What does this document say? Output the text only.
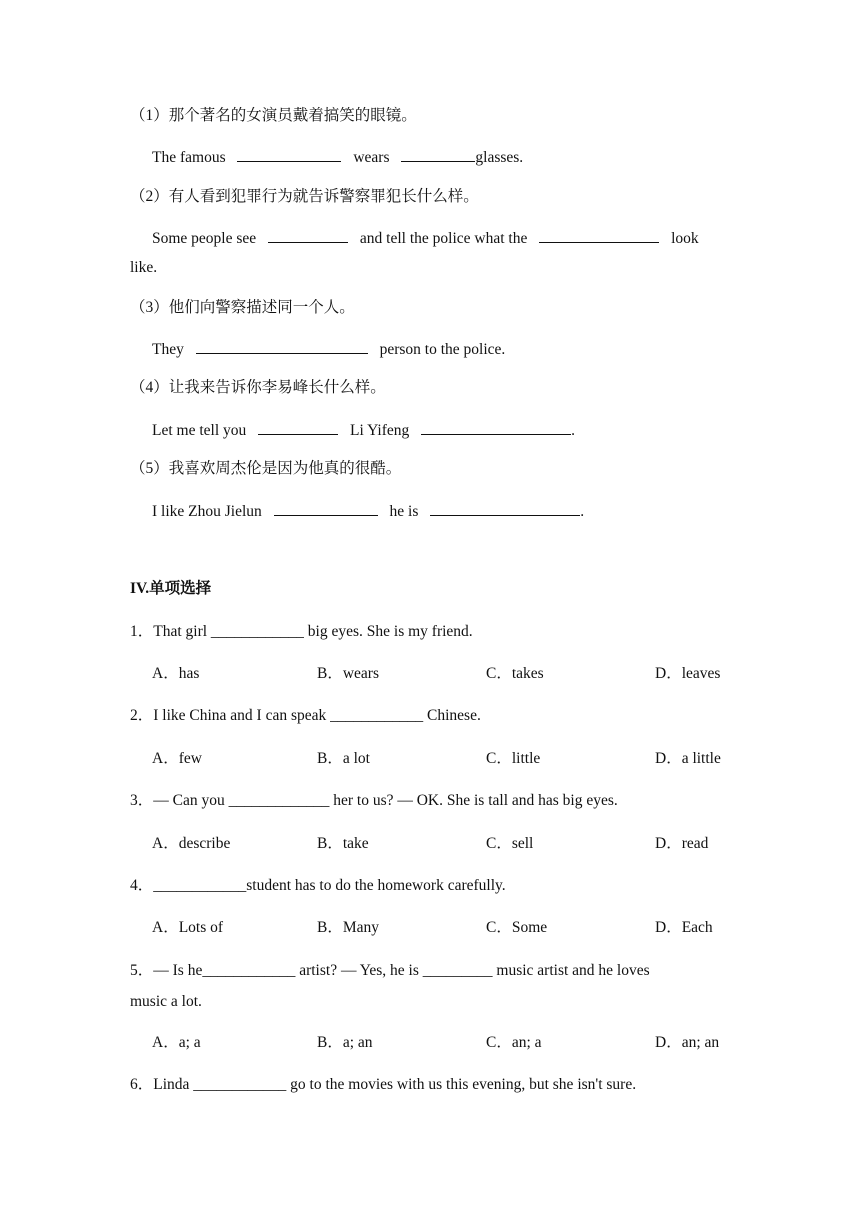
（1）那个著名的女演员戴着搞笑的眼镜。
The famous	wears	glasses.
（2）有人看到犯罪行为就告诉警察罪犯长什么样。
Some people see	and tell the police what the	look
like.
（3）他们向警察描述同一个人。
They	person to the police.
（4）让我来告诉你李易峰长什么样。
Let me tell you	Li Yifeng	.
（5）我喜欢周杰伦是因为他真的很酷。
I like Zhou Jielun	he is	.
IV.单项选择
1．That girl ____________ big eyes. She is my friend.
A．has	B．wears	C．takes	D．leaves
2．I like China and I can speak ____________ Chinese.
A．few	B．a lot	C．little	D．a little
3．— Can you _____________ her to us? — OK. She is tall and has big eyes.
A．describe	B．take	C．sell	D．read
4．____________student has to do the homework carefully.
A．Lots of	B．Many	C．Some	D．Each
5．— Is he____________ artist? — Yes, he is _________ music artist and he loves
music a lot.
A．a; a	B．a; an	C．an; a	D．an; an
6．Linda ____________ go to the movies with us this evening, but she isn't sure.
